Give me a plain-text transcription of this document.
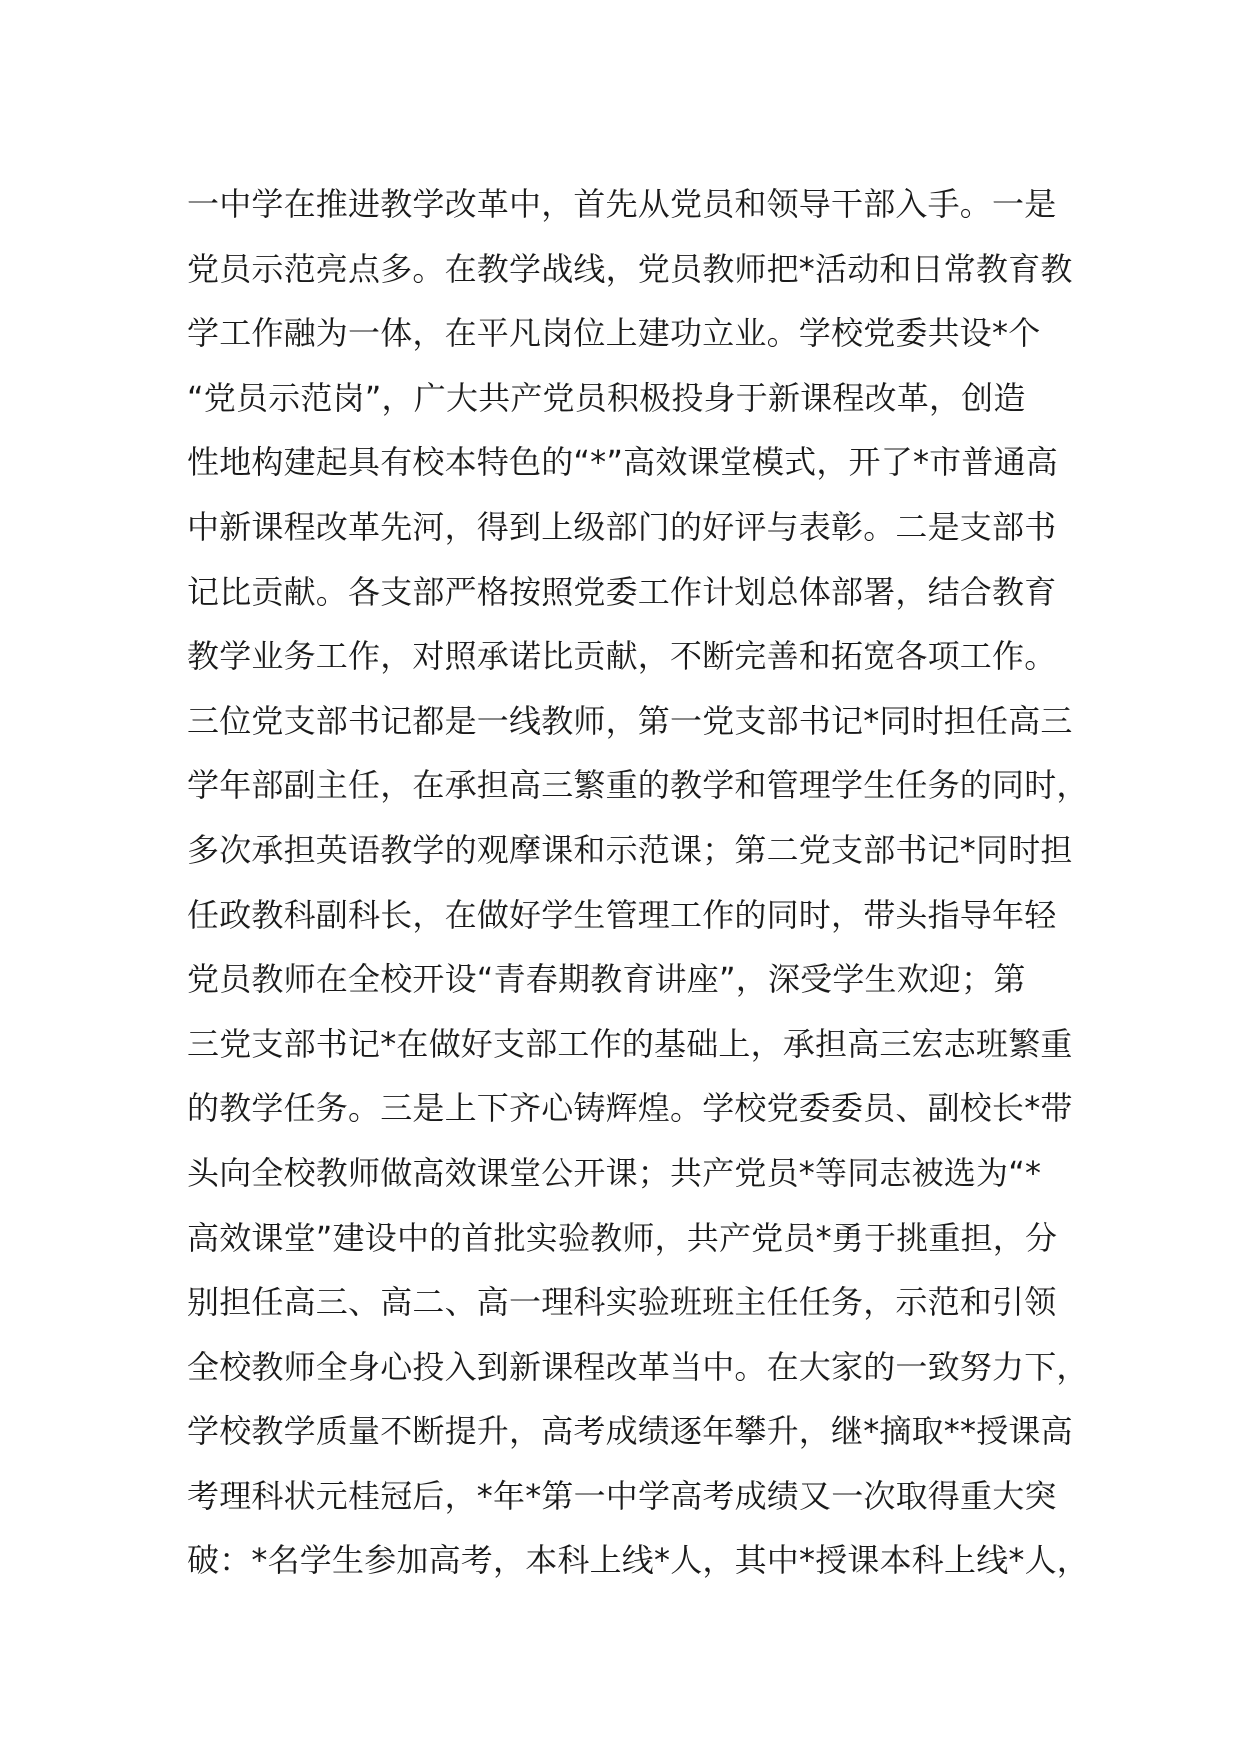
一中学在推进教学改革中，首先从党员和领导干部入手。一是
党员示范亮点多。在教学战线，党员教师把*活动和日常教育教
学工作融为一体，在平凡岗位上建功立业。学校党委共设*个
“党员示范岗”，广大共产党员积极投身于新课程改革，创造
性地构建起具有校本特色的“*”高效课堂模式，开了*市普通高
中新课程改革先河，得到上级部门的好评与表彰。二是支部书
记比贡献。各支部严格按照党委工作计划总体部署，结合教育
教学业务工作，对照承诺比贡献，不断完善和拓宽各项工作。
三位党支部书记都是一线教师，第一党支部书记*同时担任高三
学年部副主任，在承担高三繁重的教学和管理学生任务的同时，
多次承担英语教学的观摩课和示范课；第二党支部书记*同时担
任政教科副科长，在做好学生管理工作的同时，带头指导年轻
党员教师在全校开设“青春期教育讲座”，深受学生欢迎；第
三党支部书记*在做好支部工作的基础上，承担高三宏志班繁重
的教学任务。三是上下齐心铸辉煌。学校党委委员、副校长*带
头向全校教师做高效课堂公开课；共产党员*等同志被选为“*
高效课堂”建设中的首批实验教师，共产党员*勇于挑重担，分
别担任高三、高二、高一理科实验班班主任任务，示范和引领
全校教师全身心投入到新课程改革当中。在大家的一致努力下，
学校教学质量不断提升，高考成绩逐年攀升，继*摘取**授课高
考理科状元桂冠后，*年*第一中学高考成绩又一次取得重大突
破：*名学生参加高考，本科上线*人，其中*授课本科上线*人，
